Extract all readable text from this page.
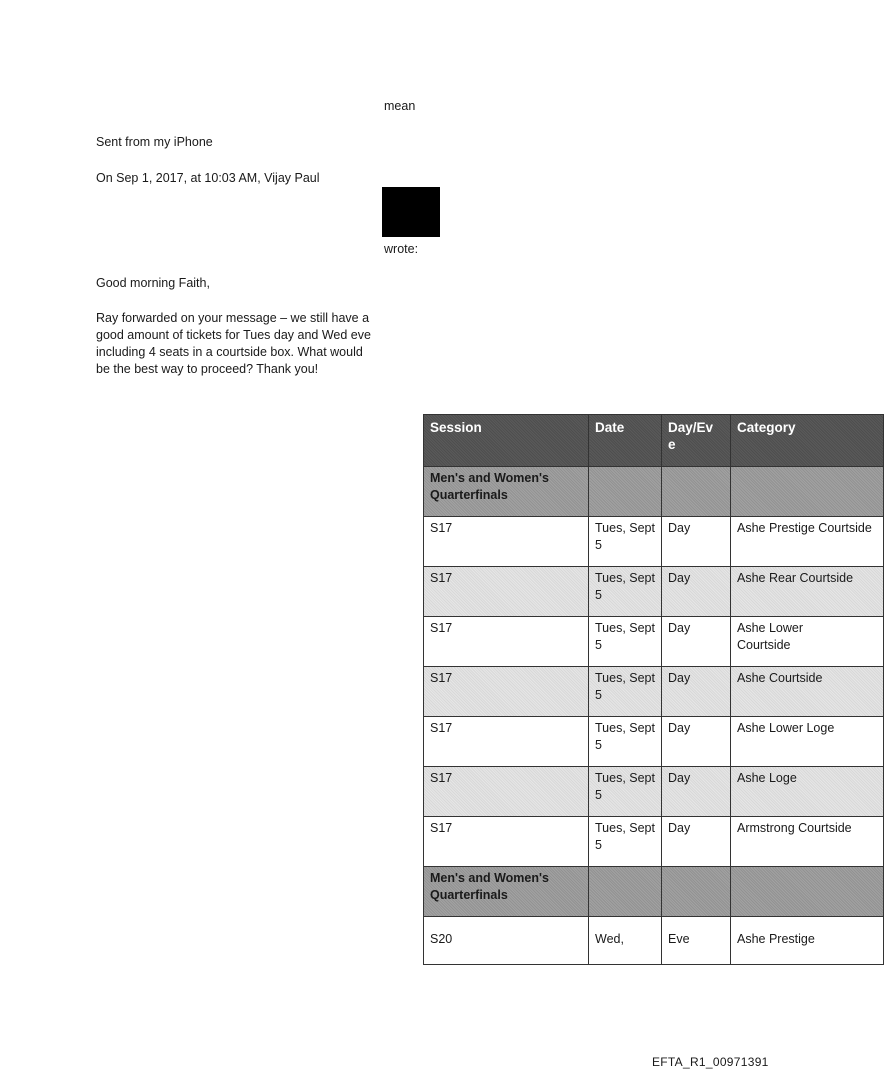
mean
Sent from my iPhone
On Sep 1, 2017, at 10:03 AM, Vijay Paul
wrote:
Good morning Faith,
Ray forwarded on your message – we still have a
good amount of tickets for Tues day and Wed eve
including 4 seats in a courtside box. What would
be the best way to proceed? Thank you!
Session	Date	Day/Ev e	Category
Men's and Women's Quarterfinals			
S17	Tues, Sept 5	Day	Ashe Prestige Courtside
S17	Tues, Sept 5	Day	Ashe Rear Courtside
S17	Tues, Sept 5	Day	Ashe Lower Courtside
S17	Tues, Sept 5	Day	Ashe Courtside
S17	Tues, Sept 5	Day	Ashe Lower Loge
S17	Tues, Sept 5	Day	Ashe Loge
S17	Tues, Sept 5	Day	Armstrong Courtside
Men's and Women's Quarterfinals			
S20	Wed,	Eve	Ashe Prestige
EFTA_R1_00971391
